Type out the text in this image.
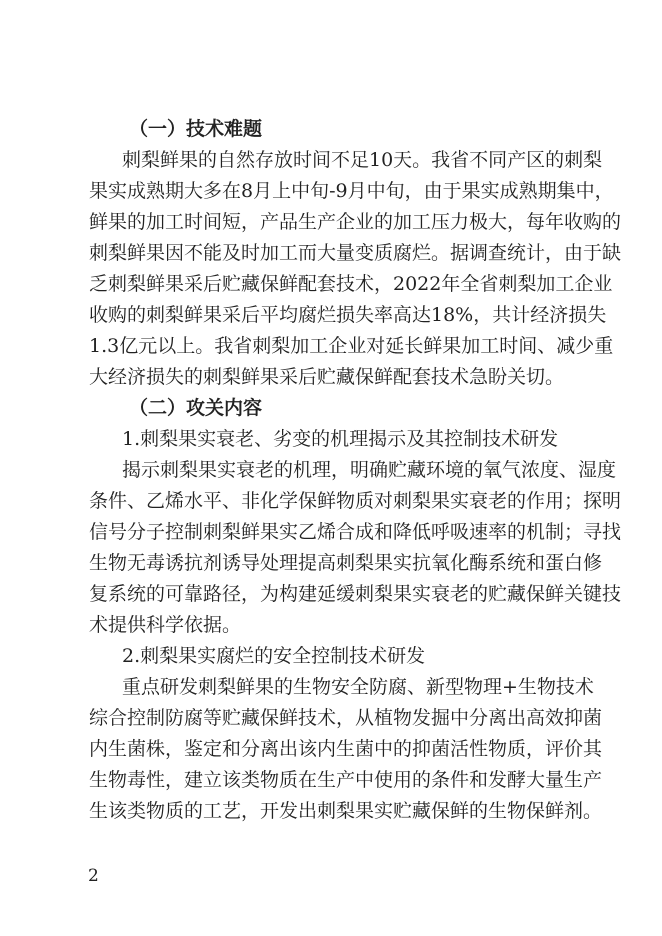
（一）技术难题
刺梨鲜果的自然存放时间不足10天。我省不同产区的刺梨
果实成熟期大多在8月上中旬-9月中旬，由于果实成熟期集中，
鲜果的加工时间短，产品生产企业的加工压力极大，每年收购的
刺梨鲜果因不能及时加工而大量变质腐烂。据调查统计，由于缺
乏刺梨鲜果采后贮藏保鲜配套技术，2022年全省刺梨加工企业
收购的刺梨鲜果采后平均腐烂损失率高达18%，共计经济损失
1.3亿元以上。我省刺梨加工企业对延长鲜果加工时间、减少重
大经济损失的刺梨鲜果采后贮藏保鲜配套技术急盼关切。
（二）攻关内容
1.刺梨果实衰老、劣变的机理揭示及其控制技术研发
揭示刺梨果实衰老的机理，明确贮藏环境的氧气浓度、湿度
条件、乙烯水平、非化学保鲜物质对刺梨果实衰老的作用；探明
信号分子控制刺梨鲜果实乙烯合成和降低呼吸速率的机制；寻找
生物无毒诱抗剂诱导处理提高刺梨果实抗氧化酶系统和蛋白修
复系统的可靠路径，为构建延缓刺梨果实衰老的贮藏保鲜关键技
术提供科学依据。
2.刺梨果实腐烂的安全控制技术研发
重点研发刺梨鲜果的生物安全防腐、新型物理+生物技术
综合控制防腐等贮藏保鲜技术，从植物发掘中分离出高效抑菌
内生菌株，鉴定和分离出该内生菌中的抑菌活性物质，评价其
生物毒性，建立该类物质在生产中使用的条件和发酵大量生产
生该类物质的工艺，开发出刺梨果实贮藏保鲜的生物保鲜剂。
2
